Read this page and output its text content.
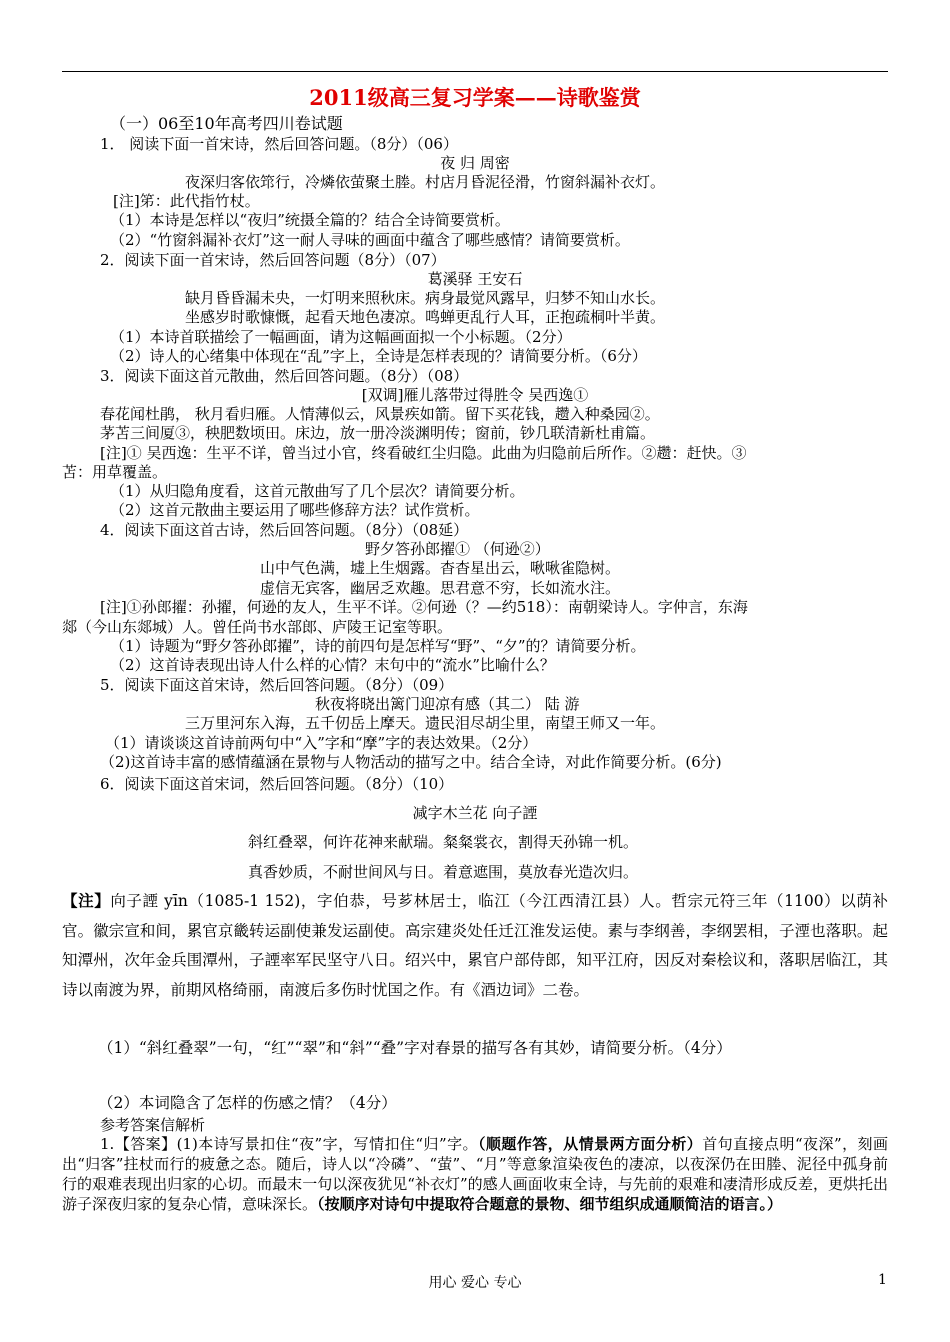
2011级高三复习学案——诗歌鉴赏
（一）06至10年高考四川卷试题
1． 阅读下面一首宋诗，然后回答问题。（8分）（06）
夜 归 周密
夜深归客依筇行，冷燐依萤聚土塍。村店月昏泥径滑，竹窗斜漏补衣灯。
[注]笫：此代指竹杖。
（1）本诗是怎样以“夜归”统摄全篇的？结合全诗简要赏析。
（2）“竹窗斜漏补衣灯”这一耐人寻味的画面中蕴含了哪些感情？请简要赏析。
2．阅读下面一首宋诗，然后回答问题（8分）（07）
葛溪驿 王安石
缺月昏昏漏未央，一灯明来照秋床。病身最觉风露早，归梦不知山水长。
坐感岁时歌慷慨，起看天地色凄凉。鸣蝉更乱行人耳，正抱疏桐叶半黄。
（1）本诗首联描绘了一幅画面，请为这幅画面拟一个小标题。（2分）
（2）诗人的心绪集中体现在“乱”字上，全诗是怎样表现的？请简要分析。（6分）
3．阅读下面这首元散曲，然后回答问题。（8分）（08）
[双调]雁儿落带过得胜令 吴西逸①
春花闻杜鹃， 秋月看归雁。人情薄似云，风景疾如箭。留下买花钱，趱入种桑园②。
茅苫三间厦③，秧肥数顷田。床边，放一册冷淡渊明传；窗前，钞几联清新杜甫篇。
[注]① 吴西逸：生平不详，曾当过小官，终看破红尘归隐。此曲为归隐前后所作。②趱：赶快。③
苫：用草覆盖。
（1）从归隐角度看，这首元散曲写了几个层次？请简要分析。
（2）这首元散曲主要运用了哪些修辞方法？试作赏析。
4．阅读下面这首古诗，然后回答问题。（8分）（08延）
野夕答孙郎擢① （何逊②）
山中气色满，墟上生烟露。杳杳星出云，啾啾雀隐树。
虚信无宾客，幽居乏欢趣。思君意不穷，长如流水注。
[注]①孙郎擢：孙擢，何逊的友人，生平不详。②何逊（？—约518）：南朝梁诗人。字仲言，东海
郯（今山东郯城）人。曾任尚书水部郎、庐陵王记室等职。
（1）诗题为“野夕答孙郎擢”，诗的前四句是怎样写“野”、“夕”的？请简要分析。
（2）这首诗表现出诗人什么样的心情？末句中的“流水”比喻什么？
5．阅读下面这首宋诗，然后回答问题。（8分）（09）
秋夜将晓出篱门迎凉有感（其二） 陆 游
三万里河东入海，五千仞岳上摩天。遗民泪尽胡尘里，南望王师又一年。
（1）请谈谈这首诗前两句中“入”字和“摩”字的表达效果。（2分）
（2)这首诗丰富的感情蕴涵在景物与人物活动的描写之中。结合全诗，对此作简要分析。(6分)
6．阅读下面这首宋词，然后回答问题。（8分）（10）
减字木兰花 向子諲
斜红叠翠，何许花神来献瑞。粲粲裳衣，割得天孙锦一机。
真香妙质，不耐世间风与日。着意遮围，莫放春光造次归。
【注】向子諲 yīn（1085-1 152)，字伯恭，号芗林居士，临江（今江西清江县）人。哲宗元符三年（1100）以荫补官。徽宗宣和间，累官京畿转运副使兼发运副使。高宗建炎处任迁江淮发运使。素与李纲善，李纲罢相，子湮也落职。起知潭州，次年金兵围潭州，子諲率军民坚守八日。绍兴中，累官户部侍郎，知平江府，因反对秦桧议和，落职居临江，其诗以南渡为界，前期风格绮丽，南渡后多伤时忧国之作。有《酒边词》二卷。
（1）“斜红叠翠”一句，“红”“翠”和“斜”“叠”字对春景的描写各有其妙，请简要分析。（4分）
（2）本词隐含了怎样的伤感之情？（4分）
参考答案信解析
1.【答案】(1)本诗写景扣住“夜”字，写情扣住“归”字。（顺题作答，从情景两方面分析）首句直接点明“夜深”，刻画出“归客”拄杖而行的疲惫之态。随后，诗人以“冷磷”、“萤”、“月”等意象渲染夜色的凄凉，以夜深仍在田塍、泥径中孤身前行的艰难表现出归家的心切。而最末一句以深夜犹见“补衣灯”的感人画面收束全诗，与先前的艰难和凄清形成反差，更烘托出游子深夜归家的复杂心情，意味深长。（按顺序对诗句中提取符合题意的景物、细节组织成通顺简洁的语言。）
用心 爱心 专心	1
